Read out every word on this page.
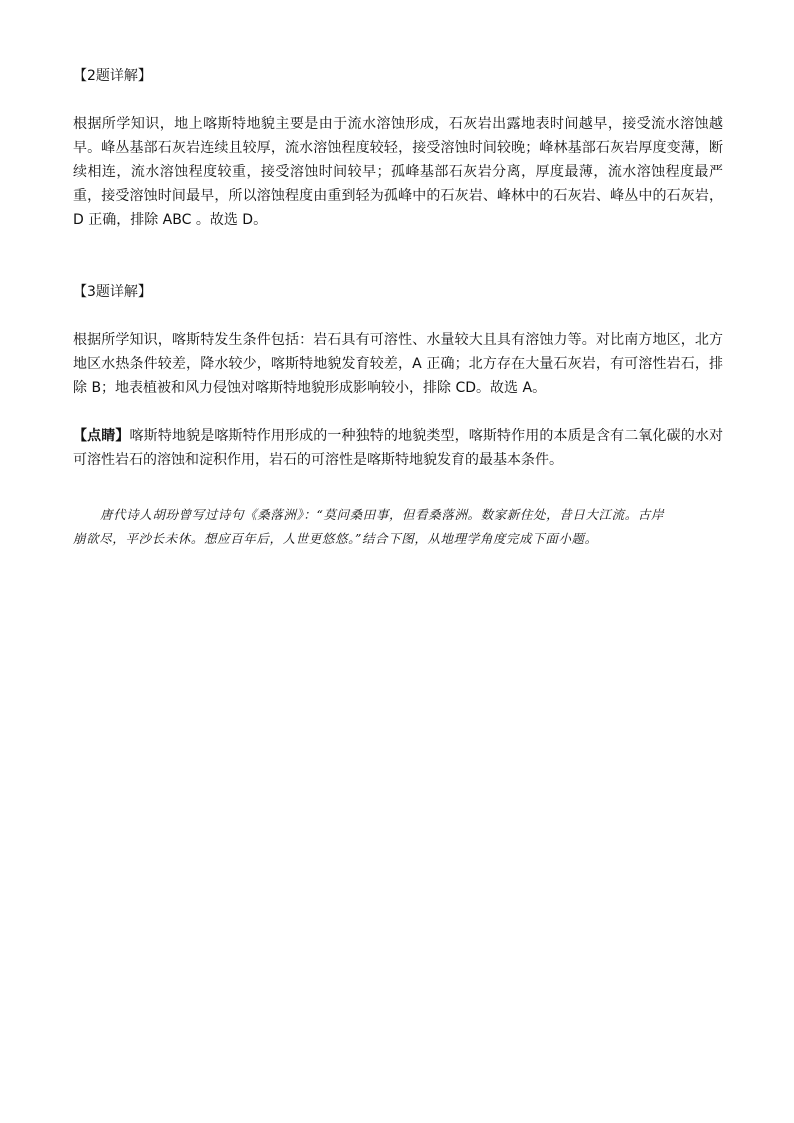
【2题详解】
根据所学知识，地上喀斯特地貌主要是由于流水溶蚀形成，石灰岩出露地表时间越早，接受流水溶蚀越早。峰丛基部石灰岩连续且较厚，流水溶蚀程度较轻，接受溶蚀时间较晚；峰林基部石灰岩厚度变薄，断续相连，流水溶蚀程度较重，接受溶蚀时间较早；孤峰基部石灰岩分离，厚度最薄，流水溶蚀程度最严重，接受溶蚀时间最早，所以溶蚀程度由重到轻为孤峰中的石灰岩、峰林中的石灰岩、峰丛中的石灰岩，D 正确，排除 ABC 。故选 D。
【3题详解】
根据所学知识，喀斯特发生条件包括：岩石具有可溶性、水量较大且具有溶蚀力等。对比南方地区，北方地区水热条件较差，降水较少，喀斯特地貌发育较差，A 正确；北方存在大量石灰岩，有可溶性岩石，排除 B；地表植被和风力侵蚀对喀斯特地貌形成影响较小，排除 CD。故选 A。
【点睛】喀斯特地貌是喀斯特作用形成的一种独特的地貌类型，喀斯特作用的本质是含有二氧化碳的水对可溶性岩石的溶蚀和淀积作用，岩石的可溶性是喀斯特地貌发育的最基本条件。
唐代诗人胡玢曾写过诗句《桑落洲》：“莫问桑田事，但看桑落洲。数家新住处，昔日大江流。古岸
崩欲尽，平沙长未休。想应百年后，人世更悠悠。”结合下图，从地理学角度完成下面小题。
